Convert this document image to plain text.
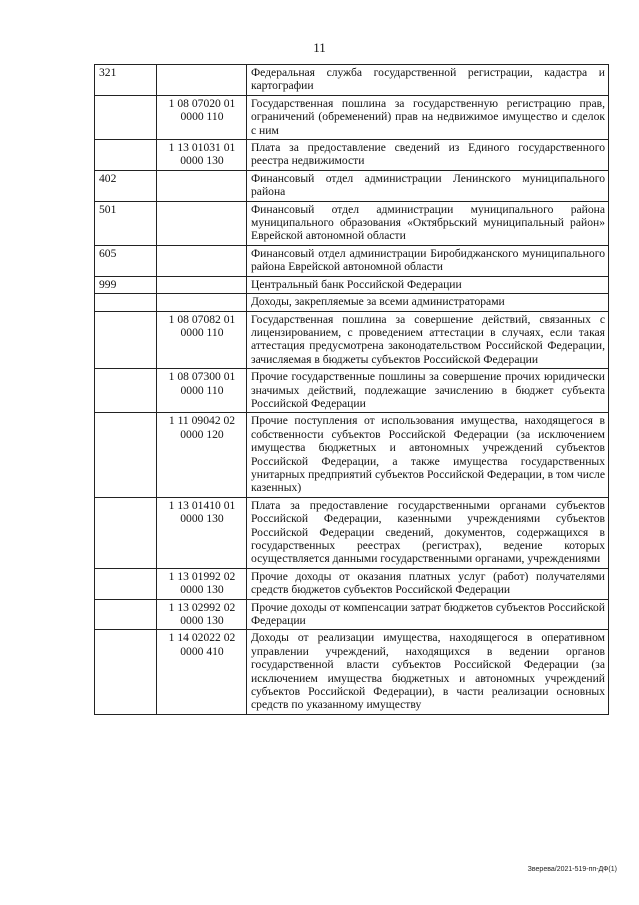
11
321		Федеральная служба государственной регистрации, кадастра и картографии
	1 08 07020 01 0000 110	Государственная пошлина за государственную регистрацию прав, ограничений (обременений) прав на недвижимое имущество и сделок с ним
	1 13 01031 01 0000 130	Плата за предоставление сведений из Единого государственного реестра недвижимости
402		Финансовый отдел администрации Ленинского муниципального района
501		Финансовый отдел администрации муниципального района муниципального образования «Октябрьский муниципальный район» Еврейской автономной области
605		Финансовый отдел администрации Биробиджанского муниципального района Еврейской автономной области
999		Центральный банк Российской Федерации
		Доходы, закрепляемые за всеми администраторами
	1 08 07082 01 0000 110	Государственная пошлина за совершение действий, связанных с лицензированием, с проведением аттестации в случаях, если такая аттестация предусмотрена законодательством Российской Федерации, зачисляемая в бюджеты субъектов Российской Федерации
	1 08 07300 01 0000 110	Прочие государственные пошлины за совершение прочих юридически значимых действий, подлежащие зачислению в бюджет субъекта Российской Федерации
	1 11 09042 02 0000 120	Прочие поступления от использования имущества, находящегося в собственности субъектов Российской Федерации (за исключением имущества бюджетных и автономных учреждений субъектов Российской Федерации, а также имущества государственных унитарных предприятий субъектов Российской Федерации, в том числе казенных)
	1 13 01410 01 0000 130	Плата за предоставление государственными органами субъектов Российской Федерации, казенными учреждениями субъектов Российской Федерации сведений, документов, содержащихся в государственных реестрах (регистрах), ведение которых осуществляется данными государственными органами, учреждениями
	1 13 01992 02 0000 130	Прочие доходы от оказания платных услуг (работ) получателями средств бюджетов субъектов Российской Федерации
	1 13 02992 02 0000 130	Прочие доходы от компенсации затрат бюджетов субъектов Российской Федерации
	1 14 02022 02 0000 410	Доходы от реализации имущества, находящегося в оперативном управлении учреждений, находящихся в ведении органов государственной власти субъектов Российской Федерации (за исключением имущества бюджетных и автономных учреждений субъектов Российской Федерации), в части реализации основных средств по указанному имуществу
Зверева/2021-519-пп-ДФ(1)
